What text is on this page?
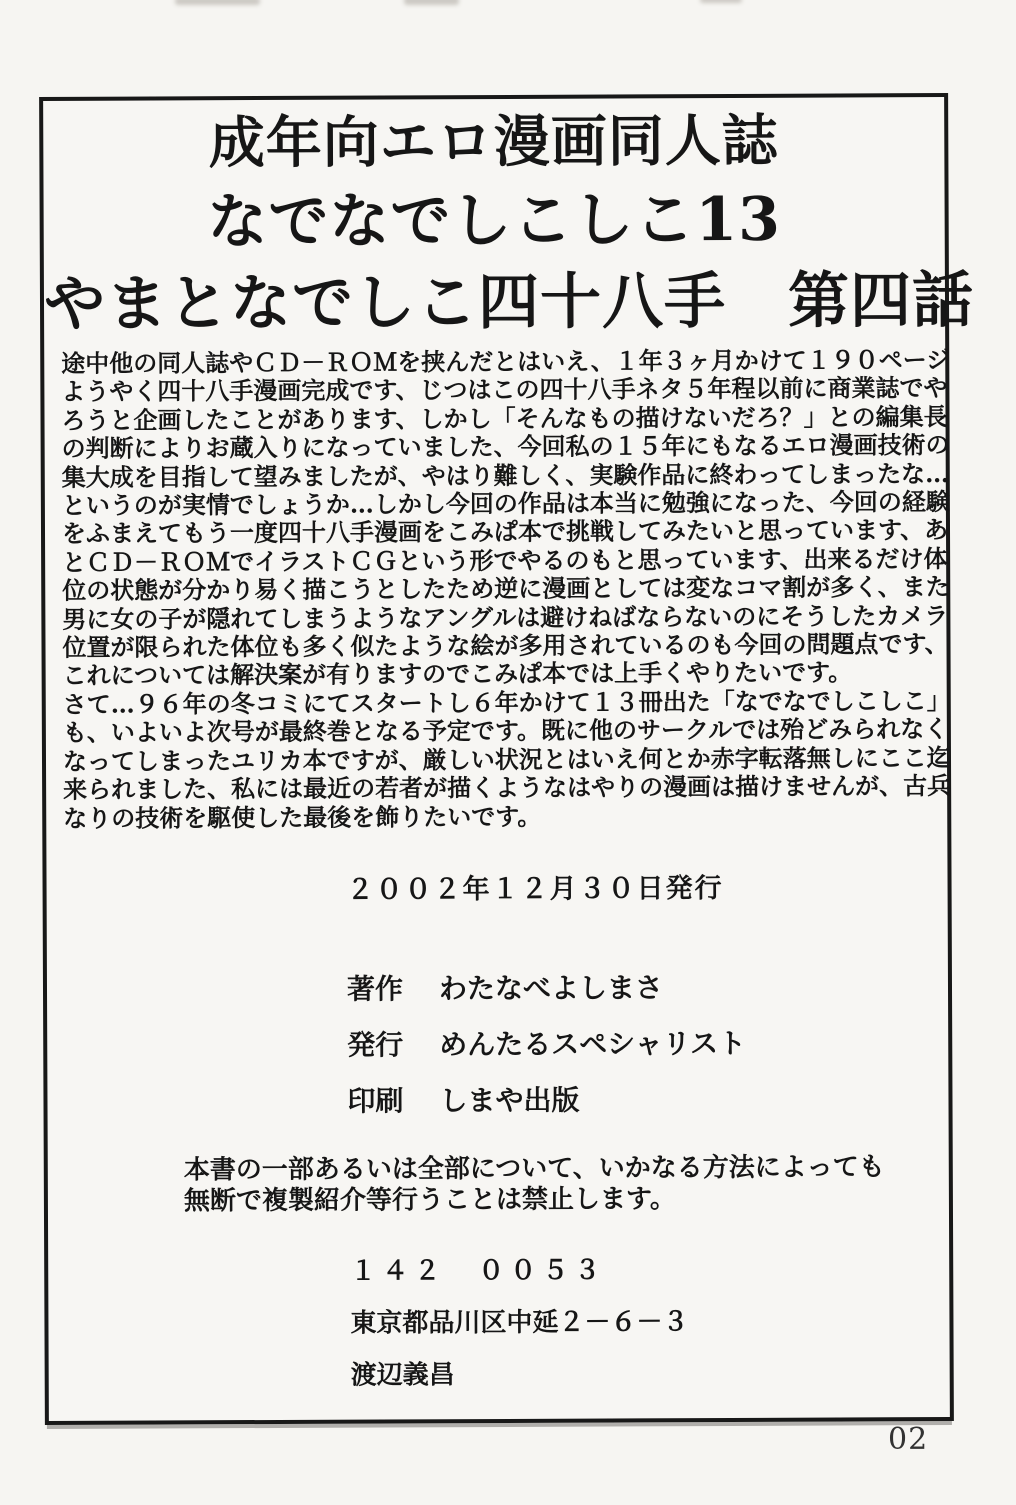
成年向エロ漫画同人誌
なでなでしこしこ13
やまとなでしこ四十八手　第四話
途中他の同人誌やＣＤ－ＲＯＭを挟んだとはいえ、１年３ヶ月かけて１９０ページ
ようやく四十八手漫画完成です、じつはこの四十八手ネタ５年程以前に商業誌でや
ろうと企画したことがあります、しかし「そんなもの描けないだろ？」との編集長
の判断によりお蔵入りになっていました、今回私の１５年にもなるエロ漫画技術の
集大成を目指して望みましたが、やはり難しく、実験作品に終わってしまったな…
というのが実情でしょうか…しかし今回の作品は本当に勉強になった、今回の経験
をふまえてもう一度四十八手漫画をこみぱ本で挑戦してみたいと思っています、あ
とＣＤ－ＲＯＭでイラストＣＧという形でやるのもと思っています、出来るだけ体
位の状態が分かり易く描こうとしたため逆に漫画としては変なコマ割が多く、また
男に女の子が隠れてしまうようなアングルは避けねばならないのにそうしたカメラ
位置が限られた体位も多く似たような絵が多用されているのも今回の問題点です、
これについては解決案が有りますのでこみぱ本では上手くやりたいです。
さて…９６年の冬コミにてスタートし６年かけて１３冊出た「なでなでしこしこ」
も、いよいよ次号が最終巻となる予定です。既に他のサークルでは殆どみられなく
なってしまったユリカ本ですが、厳しい状況とはいえ何とか赤字転落無しにここ迄
来られました、私には最近の若者が描くようなはやりの漫画は描けませんが、古兵
なりの技術を駆使した最後を飾りたいです。
２００２年１２月３０日発行
著作 わたなべよしまさ
発行 めんたるスペシャリスト
印刷 しまや出版
本書の一部あるいは全部について、いかなる方法によっても
無断で複製紹介等行うことは禁止します。
１４２　００５３
東京都品川区中延２－６－３
渡辺義昌
02
